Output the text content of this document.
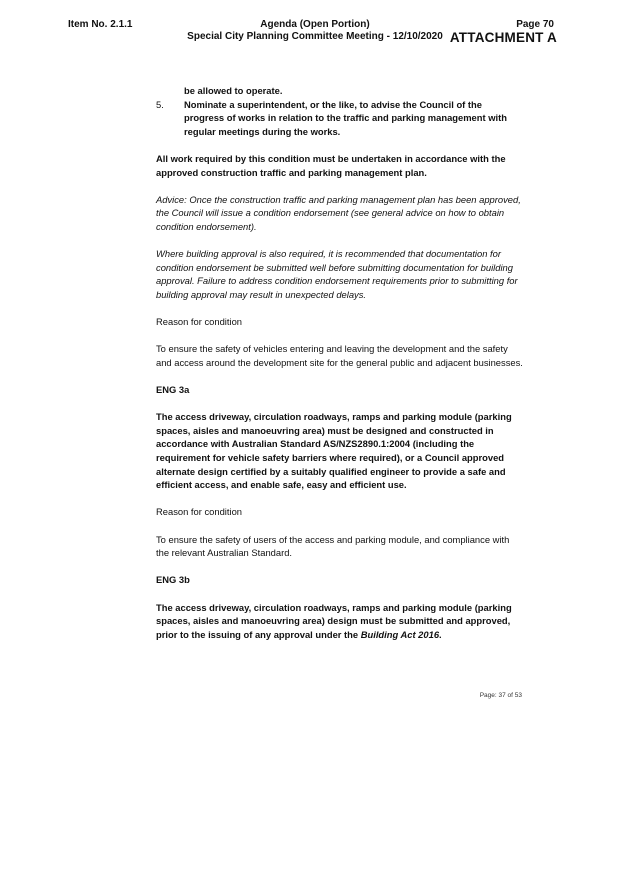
Item No. 2.1.1	Agenda (Open Portion)
Special City Planning Committee Meeting - 12/10/2020
Page 70
ATTACHMENT A

be allowed to operate.

5.	Nominate a superintendent, or the like, to advise the Council of the progress of works in relation to the traffic and parking management with regular meetings during the works.

All work required by this condition must be undertaken in accordance with the approved construction traffic and parking management plan.

Advice: Once the construction traffic and parking management plan has been approved, the Council will issue a condition endorsement (see general advice on how to obtain condition endorsement).

Where building approval is also required, it is recommended that documentation for condition endorsement be submitted well before submitting documentation for building approval. Failure to address condition endorsement requirements prior to submitting for building approval may result in unexpected delays.

Reason for condition

To ensure the safety of vehicles entering and leaving the development and the safety and access around the development site for the general public and adjacent businesses.

ENG 3a

The access driveway, circulation roadways, ramps and parking module (parking spaces, aisles and manoeuvring area) must be designed and constructed in accordance with Australian Standard AS/NZS2890.1:2004 (including the requirement for vehicle safety barriers where required), or a Council approved alternate design certified by a suitably qualified engineer to provide a safe and efficient access, and enable safe, easy and efficient use.

Reason for condition

To ensure the safety of users of the access and parking module, and compliance with the relevant Australian Standard.

ENG 3b

The access driveway, circulation roadways, ramps and parking module (parking spaces, aisles and manoeuvring area) design must be submitted and approved, prior to the issuing of any approval under the Building Act 2016.

Page: 37 of 53
